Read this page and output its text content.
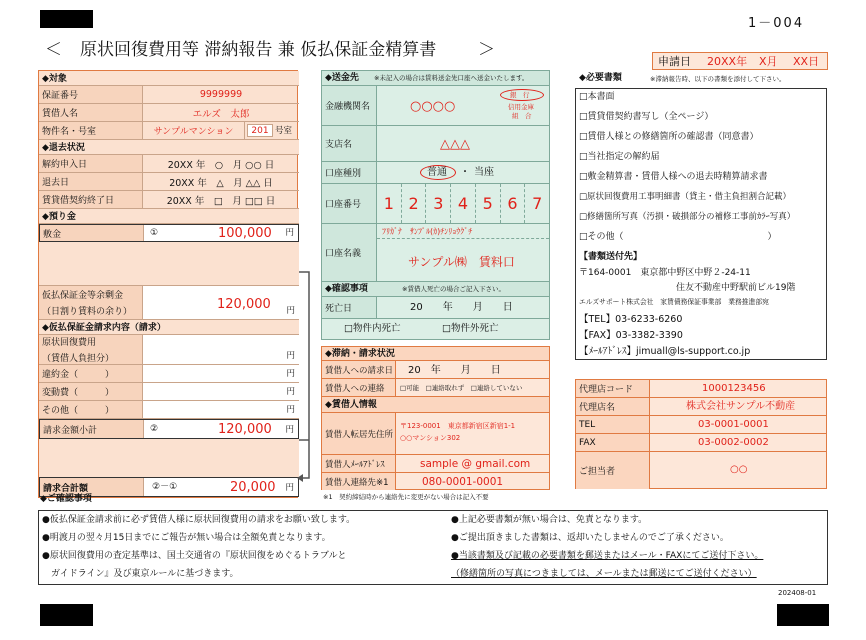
1－004
＜ 原状回復費用等 滞納報告 兼 仮払保証金精算書 ＞
申請日 20XX年 X月 XX日
◆対象
保証番号	9999999
賃借人名	エルズ　太郎
物件名・号室	サンプルマンション	201 号室
◆退去状況
解約申入日	20XX 年　○　月 ○○ 日
退去日	20XX 年　△　月 △△ 日
賃貸借契約終了日	20XX 年　□　月 □□ 日
◆預り金
敷金	①	100,000 円
仮払保証金等余剰金
（日割り賃料の余り）	120,000 円
◆仮払保証金請求内容（請求）
原状回復費用
（賃借人負担分）	円
違約金（　　　）	円
変動費（　　　）	円
その他（　　　）	円
請求金額小計	②	120,000 円
請求合計額	②－①	20,000 円
◆送金先 ※未記入の場合は賃料送金先口座へ送金いたします。
金融機関名	○○○○
銀　行
信用金庫
組　合
支店名	△△△
口座種別	普通 ・ 当座
口座番号	1 2 3 4 5 6 7
口座名義
ﾌﾘｶﾞﾅ　ｻﾝﾌﾟﾙ(ｶ)ﾁﾝﾘｮｳｸﾞﾁ
サンプル㈱　賃料口
◆確認事項	※賃借人死亡の場合ご記入下さい。
死亡日	20　　年　　月　　日
□物件内死亡	□物件外死亡
◆滞納・請求状況
賃借人への請求日 20　年　　月　　日
賃借人への連絡	□可能　□連絡取れず　□連絡していない
◆賃借人情報
賃借人転居先住所
〒123-0001　東京都新宿区新宿1-1
○○マンション302
賃借人ﾒｰﾙｱﾄﾞﾚｽ	sample @ gmail.com
賃借人連絡先※1	080-0001-0001
※1　契約締結時から連絡先に変更がない場合は記入不要
◆必要書類	※滞納報告時、以下の書類を添付して下さい。
□本書面
□賃貸借契約書写し（全ページ）
□賃借人様との修繕箇所の確認書（同意書）
□当社指定の解約届
□敷金精算書・賃借人様への退去時精算請求書
□原状回復費用工事明細書（貸主・借主負担割合記載）
□修繕箇所写真（汚損・破損部分の補修工事前ｶﾗｰ写真）
□その他（　　　　　　　　　　　　　　　　）
【書類送付先】
〒164-0001　東京都中野区中野２-24-11
住友不動産中野駅前ビル19階
エルズサポート株式会社　家賃債務保証事業部　業務推進部宛
【TEL】03-6233-6260
【FAX】03-3382-3390
【ﾒｰﾙｱﾄﾞﾚｽ】jimuall@ls-support.co.jp
代理店コード	1000123456
代理店名	株式会社サンプル不動産
TEL	03-0001-0001
FAX	03-0002-0002
ご担当者	○○
◆ご確認事項
●仮払保証金請求前に必ず賃借人様に原状回復費用の請求をお願い致します。
●明渡月の翌々月15日までにご報告が無い場合は全額免責となります。
●原状回復費用の査定基準は、国土交通省の『原状回復をめぐるトラブルと
　ガイドライン』及び東京ルールに基づきます。
●上記必要書類が無い場合は、免責となります。
●ご提出頂きました書類は、返却いたしませんのでご了承ください。
●当該書類及び記載の必要書類を郵送またはメール・FAXにてご送付下さい。
（修繕箇所の写真につきましては、メールまたは郵送にてご送付ください）
202408-01
